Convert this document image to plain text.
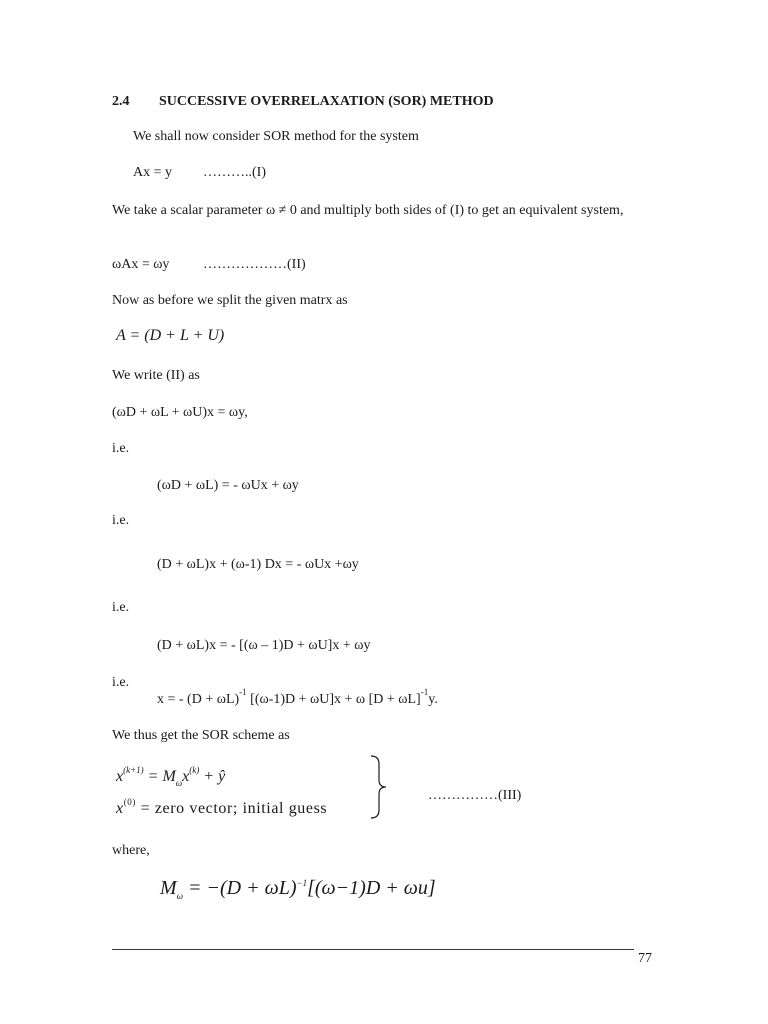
2.4 SUCCESSIVE OVERRELAXATION (SOR) METHOD
We shall now consider SOR method for the system
Ax = y ………..(I)
We take a scalar parameter ω ≠ 0 and multiply both sides of (I) to get an equivalent system,
ωAx = ωy ………………(II)
Now as before we split the given matrx as
A = (D + L + U)
We write (II) as
(ωD + ωL + ωU)x = ωy,
i.e.
(ωD + ωL) = - ωUx + ωy
i.e.
(D + ωL)x + (ω-1) Dx = - ωUx +ωy
i.e.
(D + ωL)x = - [(ω – 1)D + ωU]x + ωy
i.e.
x = - $(D + \omega L)^{-1}$ [(ω-1)D + ωU]x + ω $[D + \omega L]^{-1}y$.
We thus get the SOR scheme as
$x^{(k+1)} = M_\omega x^{(k)}$ + ŷ
$x^{(0)}$ = zero vector; initial guess
……………(III)
where,
$M_\omega = -(D + \omega L)^{-1}[(\omega-1)D + \omega u]$
77
